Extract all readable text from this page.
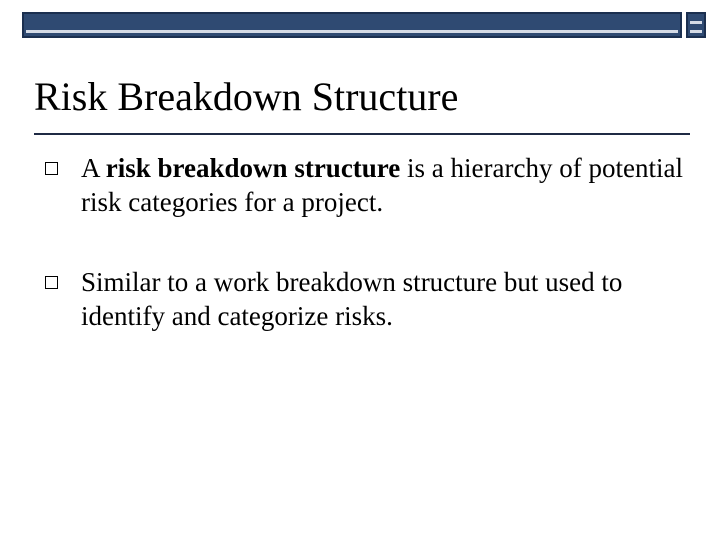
Risk Breakdown Structure
A risk breakdown structure is a hierarchy of potential risk categories for a project.
Similar to a work breakdown structure but used to identify and categorize risks.
